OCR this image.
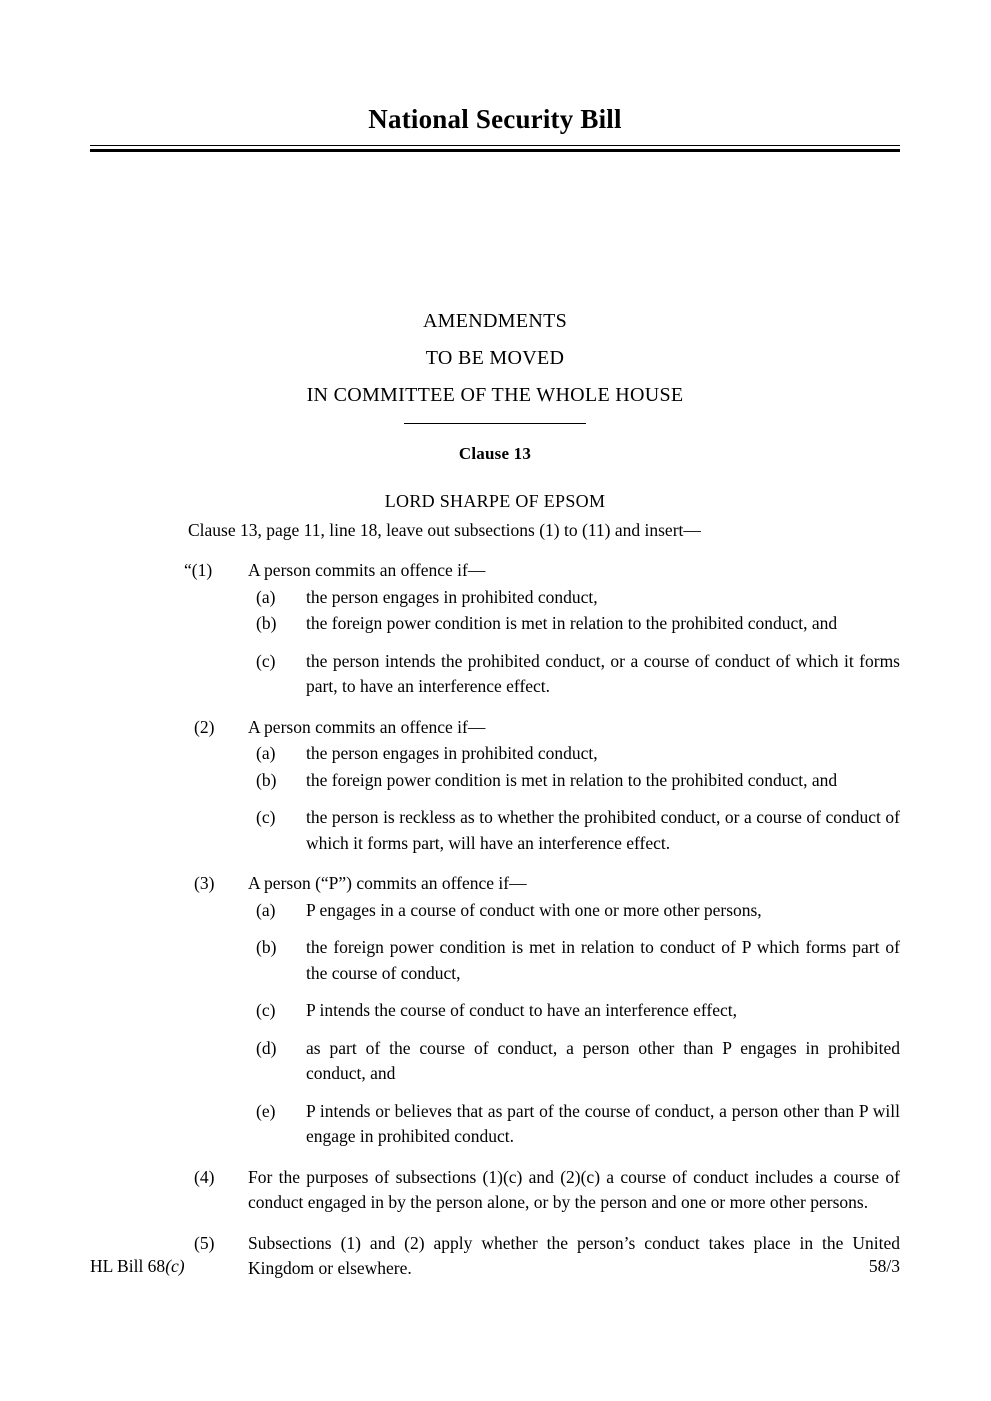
National Security Bill
AMENDMENTS
TO BE MOVED
IN COMMITTEE OF THE WHOLE HOUSE
Clause 13
LORD SHARPE OF EPSOM
Clause 13, page 11, line 18, leave out subsections (1) to (11) and insert—
“(1)	A person commits an offence if—
(a)	the person engages in prohibited conduct,
(b)	the foreign power condition is met in relation to the prohibited conduct, and
(c)	the person intends the prohibited conduct, or a course of conduct of which it forms part, to have an interference effect.
(2)	A person commits an offence if—
(a)	the person engages in prohibited conduct,
(b)	the foreign power condition is met in relation to the prohibited conduct, and
(c)	the person is reckless as to whether the prohibited conduct, or a course of conduct of which it forms part, will have an interference effect.
(3)	A person (“P”) commits an offence if—
(a)	P engages in a course of conduct with one or more other persons,
(b)	the foreign power condition is met in relation to conduct of P which forms part of the course of conduct,
(c)	P intends the course of conduct to have an interference effect,
(d)	as part of the course of conduct, a person other than P engages in prohibited conduct, and
(e)	P intends or believes that as part of the course of conduct, a person other than P will engage in prohibited conduct.
(4)	For the purposes of subsections (1)(c) and (2)(c) a course of conduct includes a course of conduct engaged in by the person alone, or by the person and one or more other persons.
(5)	Subsections (1) and (2) apply whether the person’s conduct takes place in the United Kingdom or elsewhere.
HL Bill 68(c)	58/3
